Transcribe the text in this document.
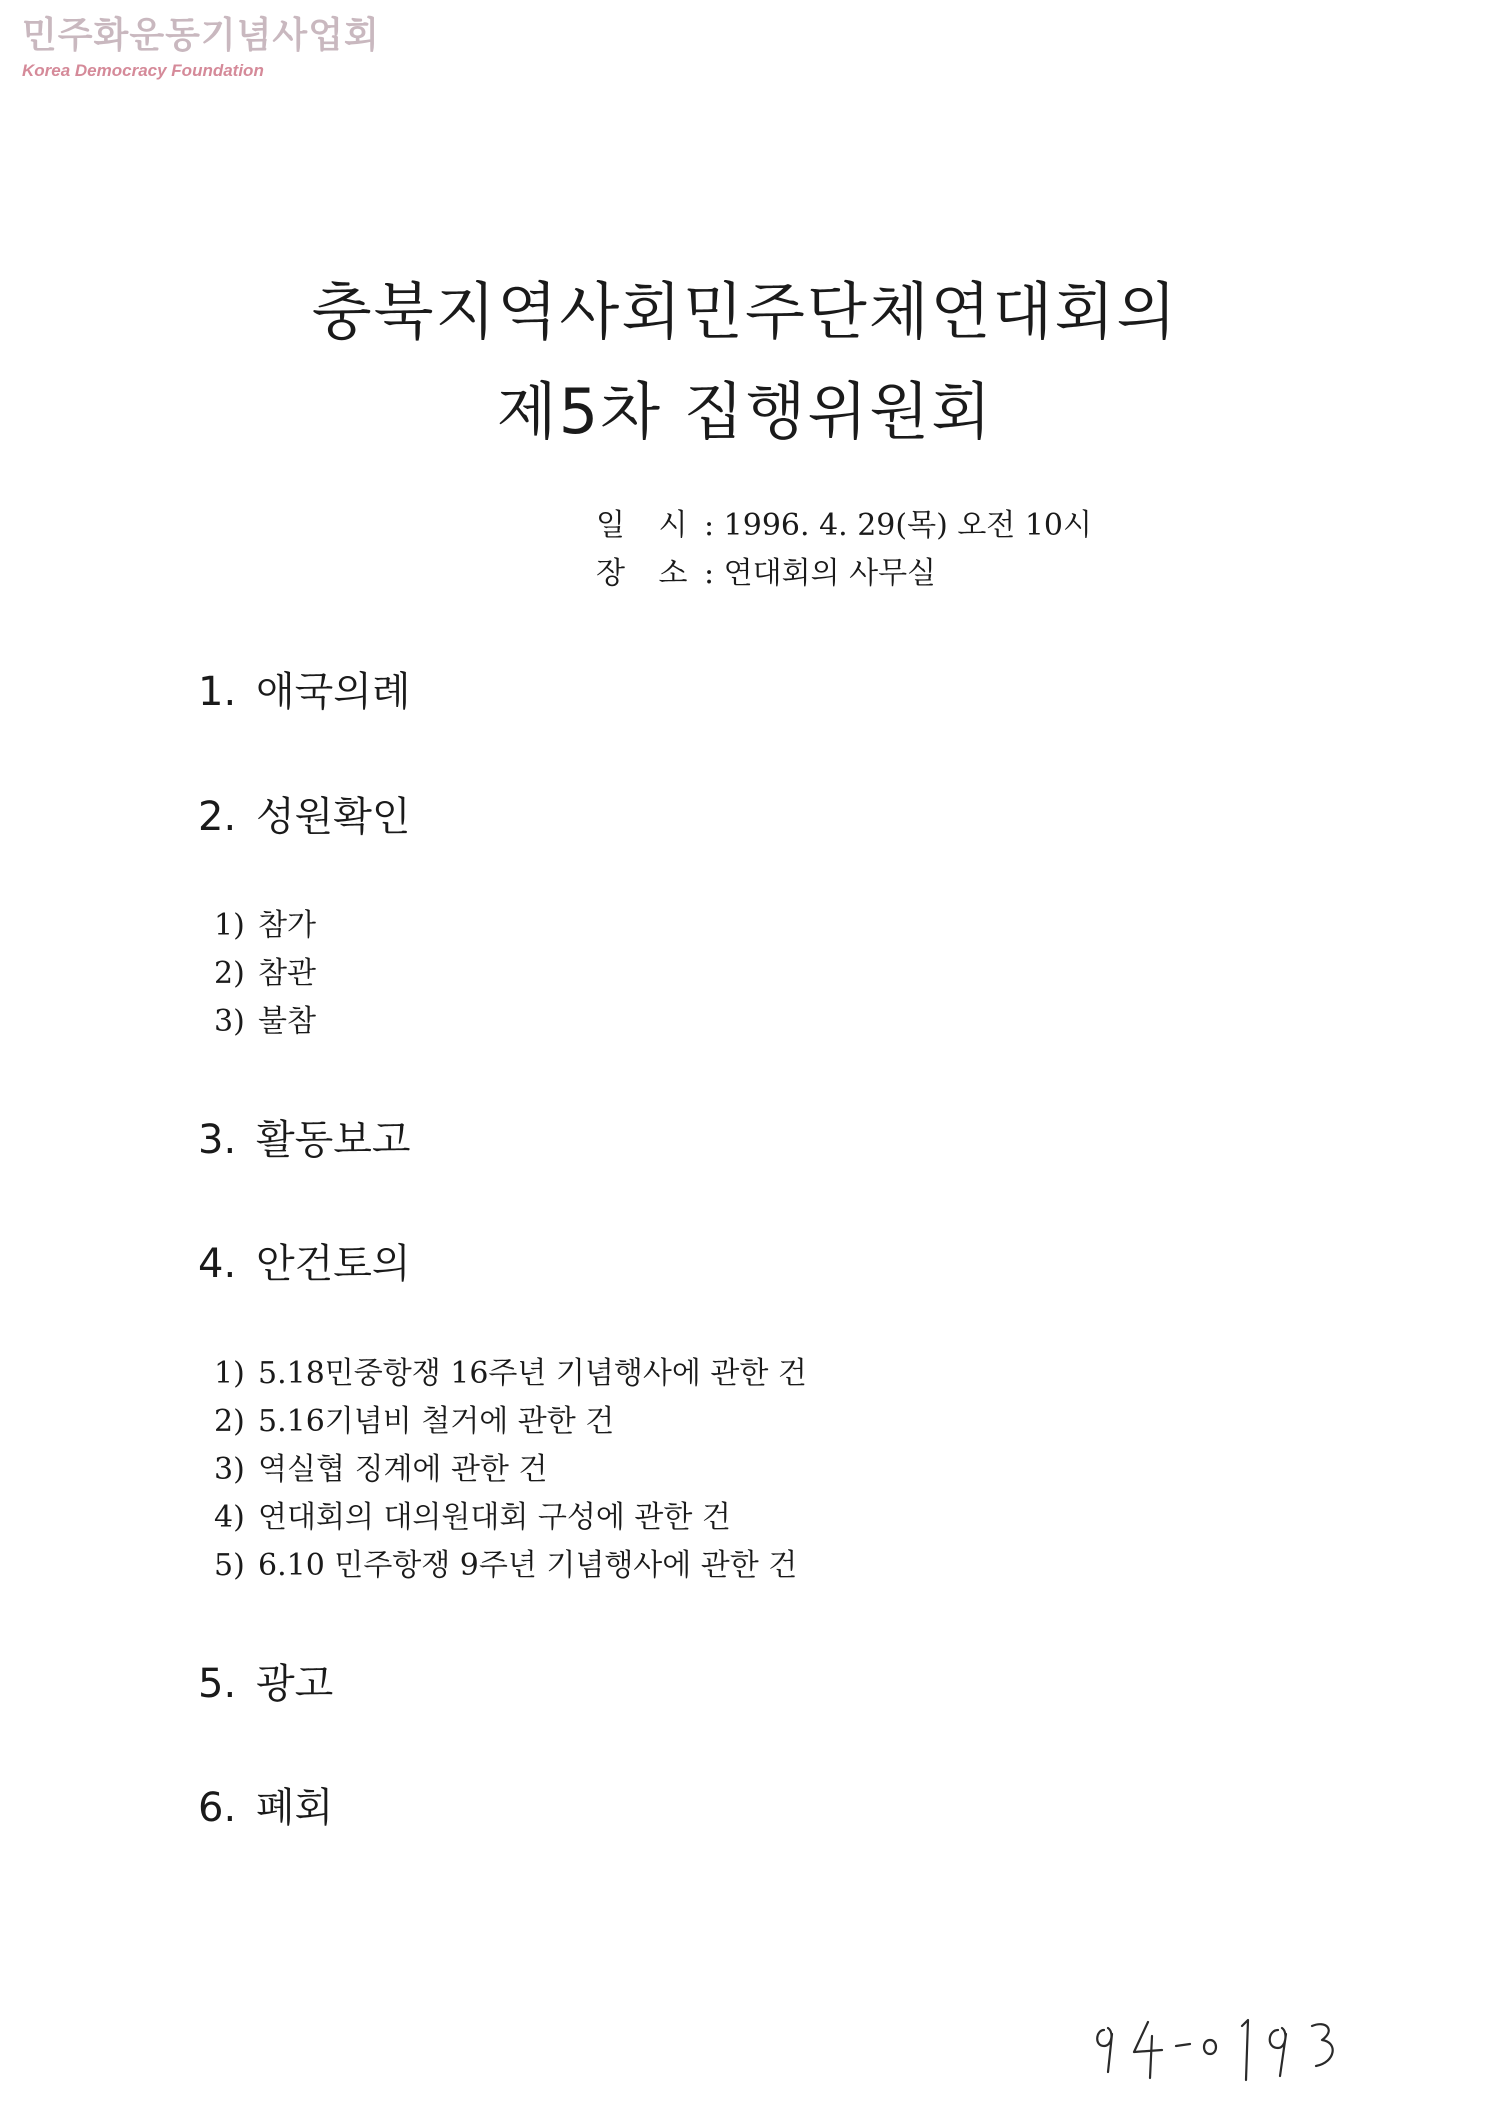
민주화운동기념사업회
Korea Democracy Foundation
충북지역사회민주단체연대회의
제5차 집행위원회
일 시 : 1996. 4. 29(목) 오전 10시
장 소 : 연대회의 사무실
1. 애국의례
2. 성원확인
1) 참가
2) 참관
3) 불참
3. 활동보고
4. 안건토의
1) 5.18민중항쟁 16주년 기념행사에 관한 건
2) 5.16기념비 철거에 관한 건
3) 역실협 징계에 관한 건
4) 연대회의 대의원대회 구성에 관한 건
5) 6.10 민주항쟁 9주년 기념행사에 관한 건
5. 광고
6. 폐회
